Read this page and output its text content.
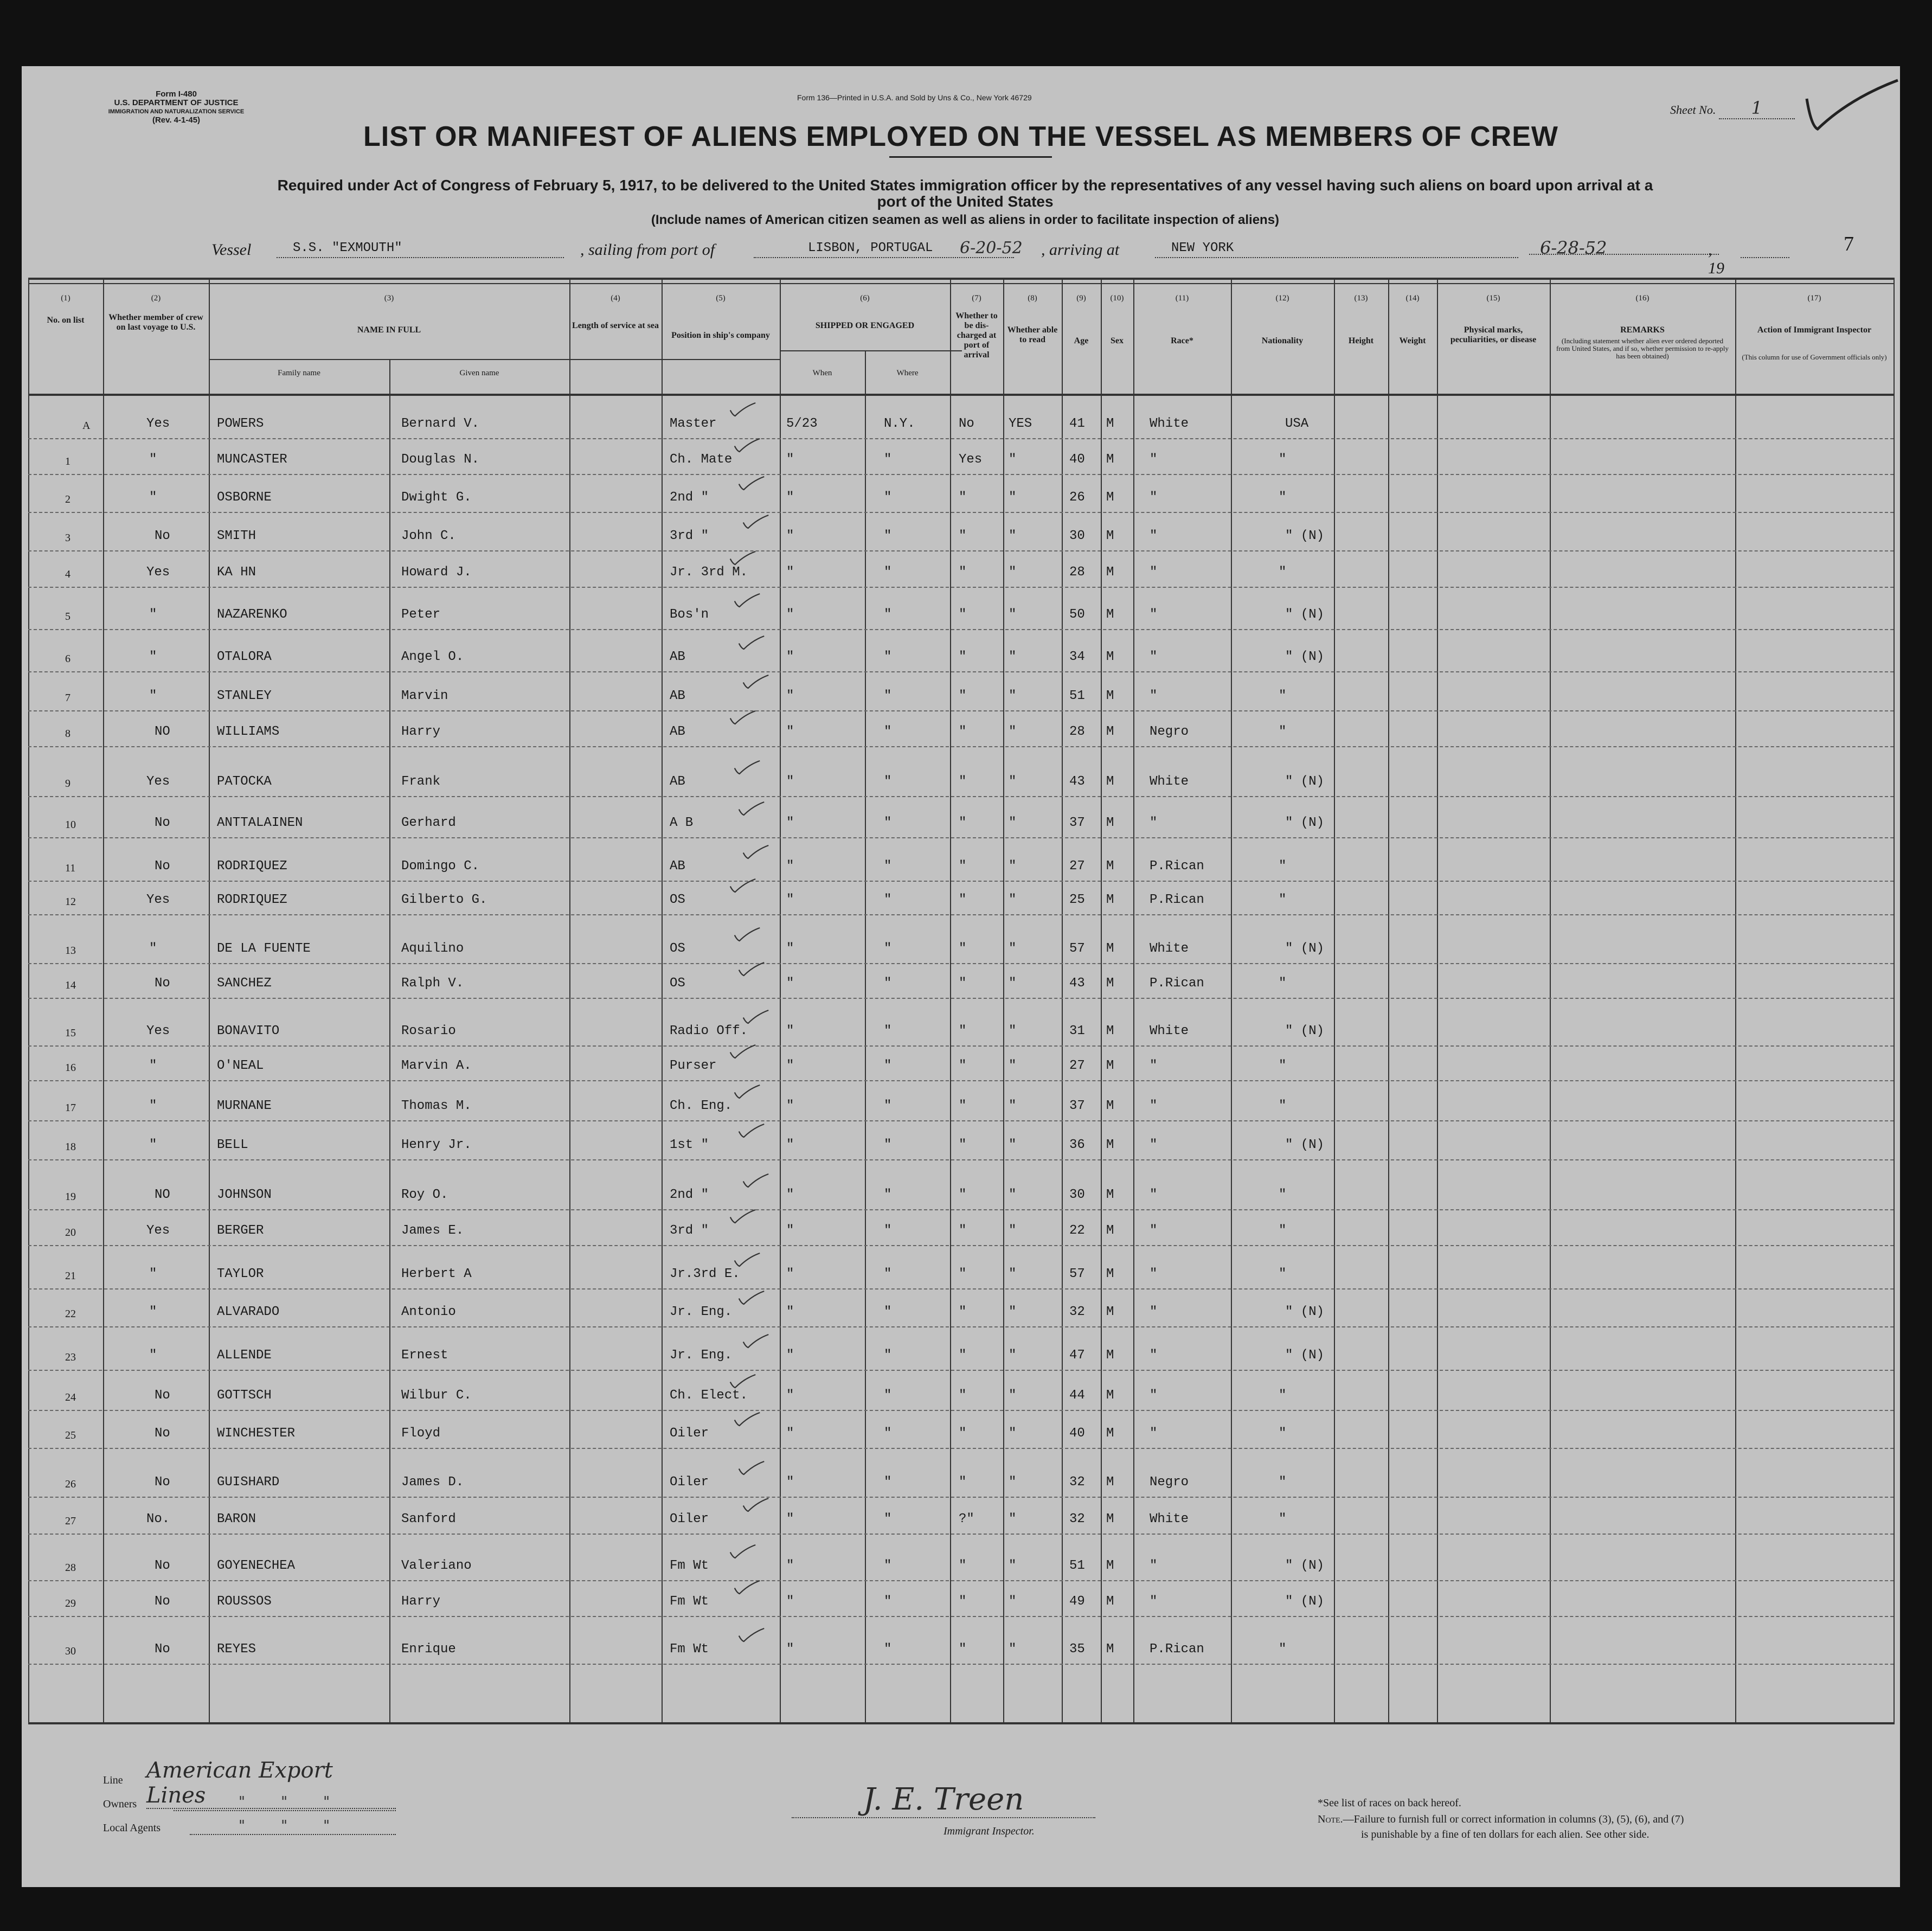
Form I-480
U.S. DEPARTMENT OF JUSTICE
IMMIGRATION AND NATURALIZATION SERVICE
(Rev. 4-1-45)
Form 136—Printed in U.S.A. and Sold by Uns & Co., New York 46729
Sheet No. 1
7
LIST OR MANIFEST OF ALIENS EMPLOYED ON THE VESSEL AS MEMBERS OF CREW
Required under Act of Congress of February 5, 1917, to be delivered to the United States immigration officer by the representatives of any vessel having such aliens on board upon arrival at a
port of the United States
(Include names of American citizen seamen as well as aliens in order to facilitate inspection of aliens)
Vessel	S.S. "EXMOUTH"	, sailing from port of	LISBON, PORTUGAL	6-20-52 , arriving at	NEW YORK	6-28-52	, 19
(1)
No. on list
(2)
Whether member of crew on last voyage to U.S.
(3)
NAME IN FULL
(4)
Length of service at sea
(5)
Position in ship's company
(6)
SHIPPED OR ENGAGED
(7)
Whether to be dis-charged at port of arrival
(8)
Whether able to read
(9)
Age
(10)
Sex
(11)
Race*
(12)
Nationality
(13)
Height
(14)
Weight
(15)
Physical marks, peculiarities, or disease
(16)
REMARKS
(17)
Action of Immigrant Inspector
Family name	Given name	When	Where
(Including statement whether alien ever ordered deported from United States, and if so, whether permission to re-apply has been obtained)	(This column for use of Government officials only)
A	Yes	POWERS	Bernard V.	Master	5/23	N.Y.	No	YES	41 M	White	USA
1	"	MUNCASTER	Douglas N.	Ch. Mate	"	"	Yes "	40 M	"	"
2	"	OSBORNE	Dwight G.	2nd "	"	"	"	"	26 M	"	"
3	No	SMITH	John C.	3rd "	"	"	"	"	30 M	"	" (N)
4	Yes	KA HN	Howard J.	Jr. 3rd M.	"	"	"	"	28 M	"	"
5	"	NAZARENKO	Peter	Bos'n	"	"	"	"	50 M	"	" (N)
6	"	OTALORA	Angel O.	AB	"	"	"	"	34 M	"	" (N)
7	"	STANLEY	Marvin	AB	"	"	"	"	51 M	"	"
8	NO	WILLIAMS	Harry	AB	"	"	"	"	28 M	Negro	"
9	Yes	PATOCKA	Frank	AB	"	"	"	"	43 M	White	" (N)
10	No	ANTTALAINEN	Gerhard	A B	"	"	"	"	37 M	"	" (N)
11	No	RODRIQUEZ	Domingo C.	AB	"	"	"	"	27 M	P.Rican	"
12	Yes	RODRIQUEZ	Gilberto G.	OS	"	"	"	"	25 M	P.Rican	"
13	"	DE LA FUENTE	Aquilino	OS	"	"	"	"	57 M	White	" (N)
14	No	SANCHEZ	Ralph V.	OS	"	"	"	"	43 M	P.Rican	"
15	Yes	BONAVITO	Rosario	Radio Off.	"	"	"	"	31 M	White	" (N)
16	"	O'NEAL	Marvin A.	Purser	"	"	"	"	27 M	"	"
17	"	MURNANE	Thomas M.	Ch. Eng.	"	"	"	"	37 M	"	"
18	"	BELL	Henry Jr.	1st "	"	"	"	"	36 M	"	" (N)
19	NO	JOHNSON	Roy O.	2nd "	"	"	"	"	30 M	"	"
20	Yes	BERGER	James E.	3rd "	"	"	"	"	22 M	"	"
21	"	TAYLOR	Herbert A	Jr.3rd E.	"	"	"	"	57 M	"	"
22	"	ALVARADO	Antonio	Jr. Eng.	"	"	"	"	32 M	"	" (N)
23	"	ALLENDE	Ernest	Jr. Eng.	"	"	"	"	47 M	"	" (N)
24	No	GOTTSCH	Wilbur C.	Ch. Elect.	"	"	"	"	44 M	"	"
25	No	WINCHESTER	Floyd	Oiler	"	"	"	"	40 M	"	"
26	No	GUISHARD	James D.	Oiler	"	"	"	"	32 M	Negro	"
27	No.	BARON	Sanford	Oiler	"	"	?"	"	32 M	White	"
28	No	GOYENECHEA	Valeriano	Fm Wt	"	"	"	"	51 M	"	" (N)
29	No	ROUSSOS	Harry	Fm Wt	"	"	"	"	49 M	"	" (N)
30	No	REYES	Enrique	Fm Wt	"	"	"	"	35 M	P.Rican	"
Line American Export Lines
Owners	"        "        "
Local Agents	"        "        "
J. E. Treen
Immigrant Inspector.
*See list of races on back hereof.
Note.—Failure to furnish full or correct information in columns (3), (5), (6), and (7)
is punishable by a fine of ten dollars for each alien. See other side.
